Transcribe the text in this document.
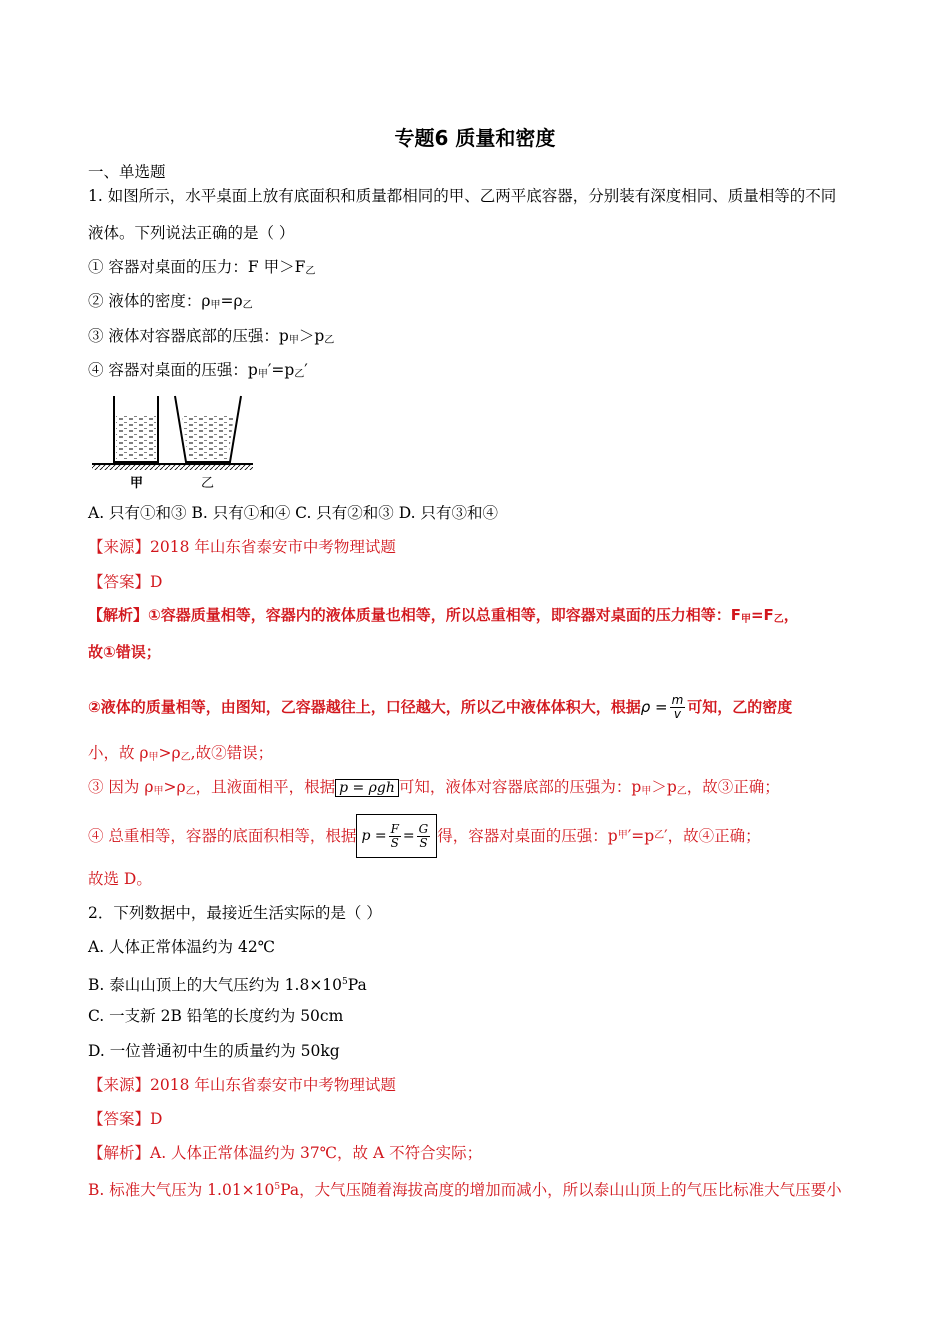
专题6 质量和密度
一、单选题
1. 如图所示，水平桌面上放有底面积和质量都相同的甲、乙两平底容器，分别装有深度相同、质量相等的不同
液体。下列说法正确的是（ ）
① 容器对桌面的压力：F 甲$>F_乙$
② 液体的密度：$\rho_甲=\rho_乙$
③ 液体对容器底部的压强：$p_甲>p_乙$
④ 容器对桌面的压强：$p_甲'=p_乙'$
甲	乙
A. 只有①和③ B. 只有①和④ C. 只有②和③ D. 只有③和④
【来源】2018 年山东省泰安市中考物理试题
【答案】D
【解析】①容器质量相等，容器内的液体质量也相等，所以总重相等，即容器对桌面的压力相等：$F_甲=F_乙$，
故①错误；
②液体的质量相等，由图知，乙容器越往上，口径越大，所以乙中液体体积大，根据$\rho = \frac{m}{v}$ 可知，乙的密度
小，故 $\rho_甲>\rho_乙$,故②错误；
③ 因为 $\rho_甲>\rho_乙$，且液面相平，根据 p = ρgh 可知，液体对容器底部的压强为：$p_甲>p_乙$，故③正确；
④ 总重相等，容器的底面积相等，根据 $p = \frac{F}{S} = \frac{G}{S}$ 得，容器对桌面的压强：p 甲 ′=p 乙 ′，故④正确；
故选 D。
2．下列数据中，最接近生活实际的是（ ）
A. 人体正常体温约为 42℃
B. 泰山山顶上的大气压约为 $1.8\times 10^5Pa$
C. 一支新 2B 铅笔的长度约为 50cm
D. 一位普通初中生的质量约为 50kg
【来源】2018 年山东省泰安市中考物理试题
【答案】D
【解析】A. 人体正常体温约为 37℃，故 A 不符合实际；
B. 标准大气压为 $1.01\times 10^5Pa$，大气压随着海拔高度的增加而减小，所以泰山山顶上的气压比标准大气压要小
